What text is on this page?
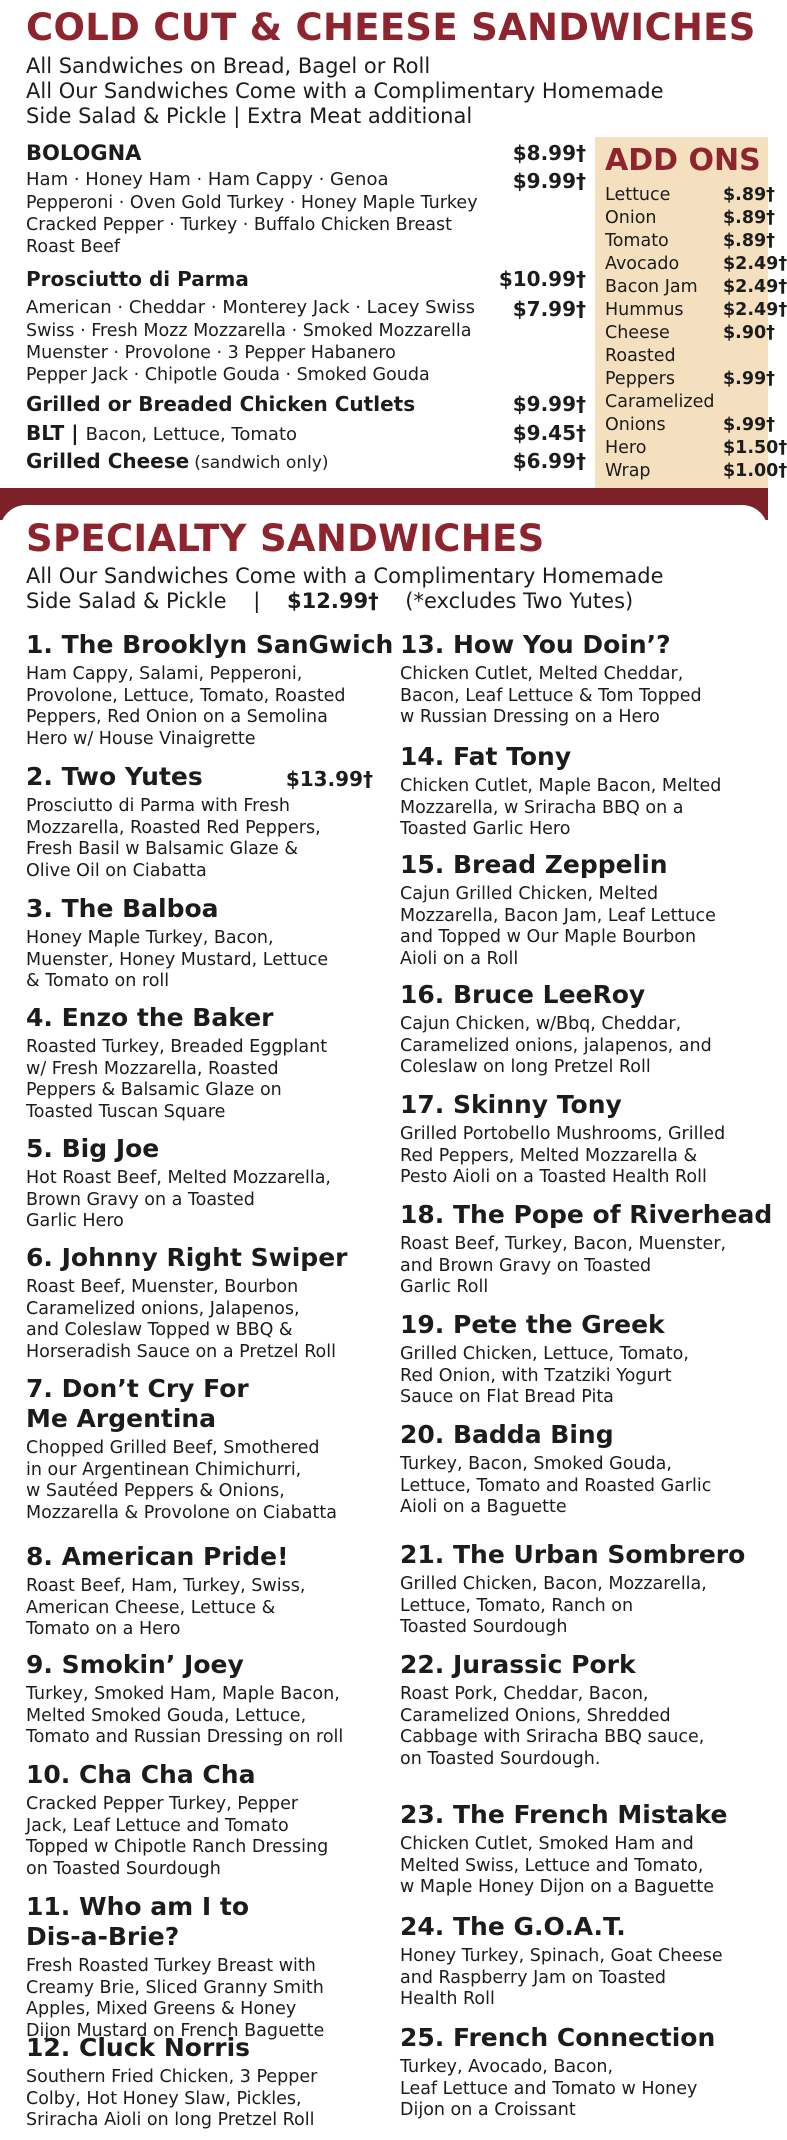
COLD CUT & CHEESE SANDWICHES
All Sandwiches on Bread, Bagel or Roll
All Our Sandwiches Come with a Complimentary Homemade
Side Salad & Pickle | Extra Meat additional
BOLOGNA	$8.99†
Ham · Honey Ham · Ham Cappy · Genoa	$9.99†
Pepperoni · Oven Gold Turkey · Honey Maple Turkey
Cracked Pepper · Turkey · Buffalo Chicken Breast
Roast Beef
Prosciutto di Parma	$10.99†
American · Cheddar · Monterey Jack · Lacey Swiss $7.99†
Swiss · Fresh Mozz Mozzarella · Smoked Mozzarella
Muenster · Provolone · 3 Pepper Habanero
Pepper Jack · Chipotle Gouda · Smoked Gouda
Grilled or Breaded Chicken Cutlets	$9.99†
BLT | Bacon, Lettuce, Tomato	$9.45†
Grilled Cheese (sandwich only)	$6.99†
ADD ONS
Lettuce	$.89†
Onion	$.89†
Tomato	$.89†
Avocado	$2.49†
Bacon Jam $2.49†
Hummus $2.49†
Cheese	$.90†
Roasted
Peppers	$.99†
Caramelized
Onions	$.99†
Hero	$1.50†
Wrap	$1.00†
SPECIALTY SANDWICHES
All Our Sandwiches Come with a Complimentary Homemade
Side Salad & Pickle    |    $12.99†    (*excludes Two Yutes)
1. The Brooklyn SanGwich
Ham Cappy, Salami, Pepperoni,
Provolone, Lettuce, Tomato, Roasted
Peppers, Red Onion on a Semolina
Hero w/ House Vinaigrette
2. Two Yutes	$13.99†
Prosciutto di Parma with Fresh
Mozzarella, Roasted Red Peppers,
Fresh Basil w Balsamic Glaze &
Olive Oil on Ciabatta
3. The Balboa
Honey Maple Turkey, Bacon,
Muenster, Honey Mustard, Lettuce
& Tomato on roll
4. Enzo the Baker
Roasted Turkey, Breaded Eggplant
w/ Fresh Mozzarella, Roasted
Peppers & Balsamic Glaze on
Toasted Tuscan Square
5. Big Joe
Hot Roast Beef, Melted Mozzarella,
Brown Gravy on a Toasted
Garlic Hero
6. Johnny Right Swiper
Roast Beef, Muenster, Bourbon
Caramelized onions, Jalapenos,
and Coleslaw Topped w BBQ &
Horseradish Sauce on a Pretzel Roll
7. Don’t Cry For
Me Argentina
Chopped Grilled Beef, Smothered
in our Argentinean Chimichurri,
w Sautéed Peppers & Onions,
Mozzarella & Provolone on Ciabatta
8. American Pride!
Roast Beef, Ham, Turkey, Swiss,
American Cheese, Lettuce &
Tomato on a Hero
9. Smokin’ Joey
Turkey, Smoked Ham, Maple Bacon,
Melted Smoked Gouda, Lettuce,
Tomato and Russian Dressing on roll
10. Cha Cha Cha
Cracked Pepper Turkey, Pepper
Jack, Leaf Lettuce and Tomato
Topped w Chipotle Ranch Dressing
on Toasted Sourdough
11. Who am I to
Dis-a-Brie?
Fresh Roasted Turkey Breast with
Creamy Brie, Sliced Granny Smith
Apples, Mixed Greens & Honey
Dijon Mustard on French Baguette
12. Cluck Norris
Southern Fried Chicken, 3 Pepper
Colby, Hot Honey Slaw, Pickles,
Sriracha Aioli on long Pretzel Roll
13. How You Doin’?
Chicken Cutlet, Melted Cheddar,
Bacon, Leaf Lettuce & Tom Topped
w Russian Dressing on a Hero
14. Fat Tony
Chicken Cutlet, Maple Bacon, Melted
Mozzarella, w Sriracha BBQ on a
Toasted Garlic Hero
15. Bread Zeppelin
Cajun Grilled Chicken, Melted
Mozzarella, Bacon Jam, Leaf Lettuce
and Topped w Our Maple Bourbon
Aioli on a Roll
16. Bruce LeeRoy
Cajun Chicken, w/Bbq, Cheddar,
Caramelized onions, jalapenos, and
Coleslaw on long Pretzel Roll
17. Skinny Tony
Grilled Portobello Mushrooms, Grilled
Red Peppers, Melted Mozzarella &
Pesto Aioli on a Toasted Health Roll
18. The Pope of Riverhead
Roast Beef, Turkey, Bacon, Muenster,
and Brown Gravy on Toasted
Garlic Roll
19. Pete the Greek
Grilled Chicken, Lettuce, Tomato,
Red Onion, with Tzatziki Yogurt
Sauce on Flat Bread Pita
20. Badda Bing
Turkey, Bacon, Smoked Gouda,
Lettuce, Tomato and Roasted Garlic
Aioli on a Baguette
21. The Urban Sombrero
Grilled Chicken, Bacon, Mozzarella,
Lettuce, Tomato, Ranch on
Toasted Sourdough
22. Jurassic Pork
Roast Pork, Cheddar, Bacon,
Caramelized Onions, Shredded
Cabbage with Sriracha BBQ sauce,
on Toasted Sourdough.
23. The French Mistake
Chicken Cutlet, Smoked Ham and
Melted Swiss, Lettuce and Tomato,
w Maple Honey Dijon on a Baguette
24. The G.O.A.T.
Honey Turkey, Spinach, Goat Cheese
and Raspberry Jam on Toasted
Health Roll
25. French Connection
Turkey, Avocado, Bacon,
Leaf Lettuce and Tomato w Honey
Dijon on a Croissant
